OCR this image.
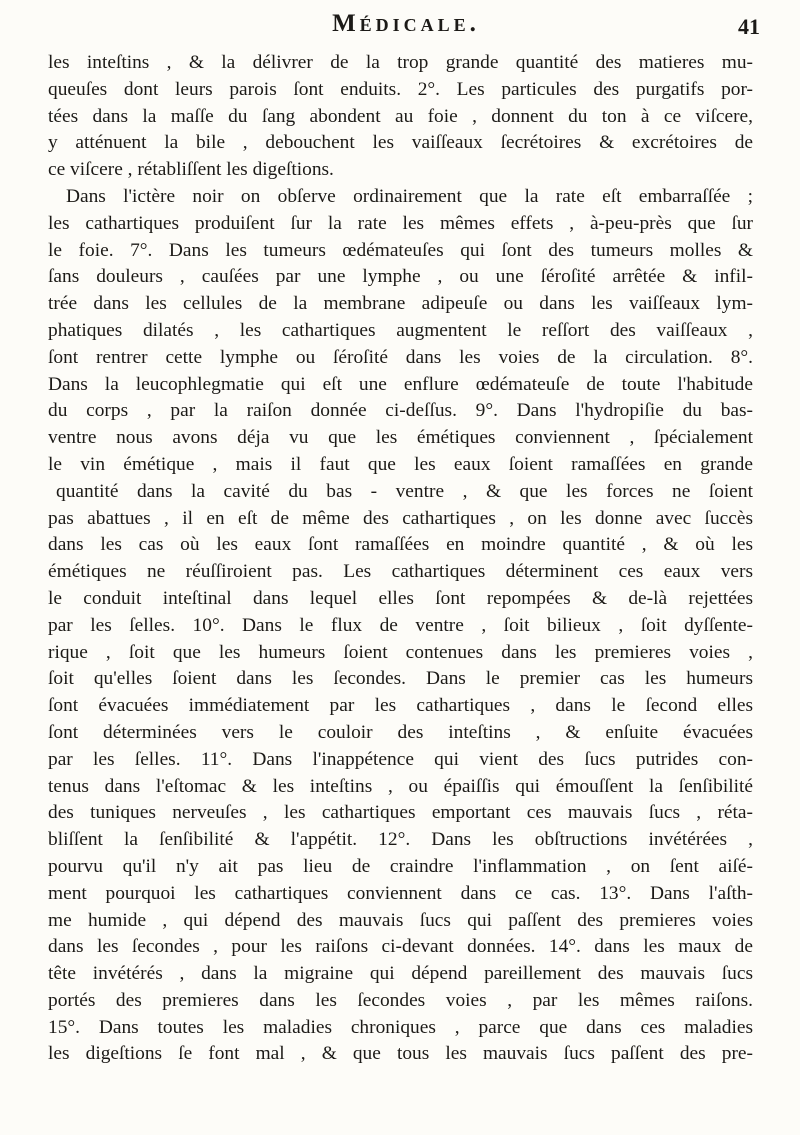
Médicale.	41
les inteſtins , & la délivrer de la trop grande quantité des matieres mu-
queuſes dont leurs parois ſont enduits. 2°. Les particules des purgatifs por-
tées dans la maſſe du ſang abondent au foie , donnent du ton à ce viſcere,
y atténuent la bile , debouchent les vaiſſeaux ſecrétoires & excrétoires de
ce viſcere , rétabliſſent les digeſtions.
Dans l'ictère noir on obſerve ordinairement que la rate eſt embarraſſée ;
les cathartiques produiſent ſur la rate les mêmes effets , à-peu-près que ſur
le foie. 7°. Dans les tumeurs œdémateuſes qui ſont des tumeurs molles &
ſans douleurs , cauſées par une lymphe , ou une ſéroſité arrêtée & infil-
trée dans les cellules de la membrane adipeuſe ou dans les vaiſſeaux lym-
phatiques dilatés , les cathartiques augmentent le reſſort des vaiſſeaux ,
ſont rentrer cette lymphe ou ſéroſité dans les voies de la circulation. 8°.
Dans la leucophlegmatie qui eſt une enflure œdémateuſe de toute l'habitude
du corps , par la raiſon donnée ci-deſſus. 9°. Dans l'hydropiſie du bas-
ventre nous avons déja vu que les émétiques conviennent , ſpécialement
le vin émétique , mais il faut que les eaux ſoient ramaſſées en grande
quantité dans la cavité du bas - ventre , & que les forces ne ſoient
pas abattues , il en eſt de même des cathartiques , on les donne avec ſuccès
dans les cas où les eaux ſont ramaſſées en moindre quantité , & où les
émétiques ne réuſſiroient pas. Les cathartiques déterminent ces eaux vers
le conduit inteſtinal dans lequel elles ſont repompées & de-là rejettées
par les ſelles. 10°. Dans le flux de ventre , ſoit bilieux , ſoit dyſſente-
rique , ſoit que les humeurs ſoient contenues dans les premieres voies ,
ſoit qu'elles ſoient dans les ſecondes. Dans le premier cas les humeurs
ſont évacuées immédiatement par les cathartiques , dans le ſecond elles
ſont déterminées vers le couloir des inteſtins , & enſuite évacuées
par les ſelles. 11°. Dans l'inappétence qui vient des ſucs putrides con-
tenus dans l'eſtomac & les inteſtins , ou épaiſſis qui émouſſent la ſenſibilité
des tuniques nerveuſes , les cathartiques emportant ces mauvais ſucs , réta-
bliſſent la ſenſibilité & l'appétit. 12°. Dans les obſtructions invétérées ,
pourvu qu'il n'y ait pas lieu de craindre l'inflammation , on ſent aiſé-
ment pourquoi les cathartiques conviennent dans ce cas. 13°. Dans l'aſth-
me humide , qui dépend des mauvais ſucs qui paſſent des premieres voies
dans les ſecondes , pour les raiſons ci-devant données. 14°. dans les maux de
tête invétérés , dans la migraine qui dépend pareillement des mauvais ſucs
portés des premieres dans les ſecondes voies , par les mêmes raiſons.
15°. Dans toutes les maladies chroniques , parce que dans ces maladies
les digeſtions ſe font mal , & que tous les mauvais ſucs paſſent des pre-
